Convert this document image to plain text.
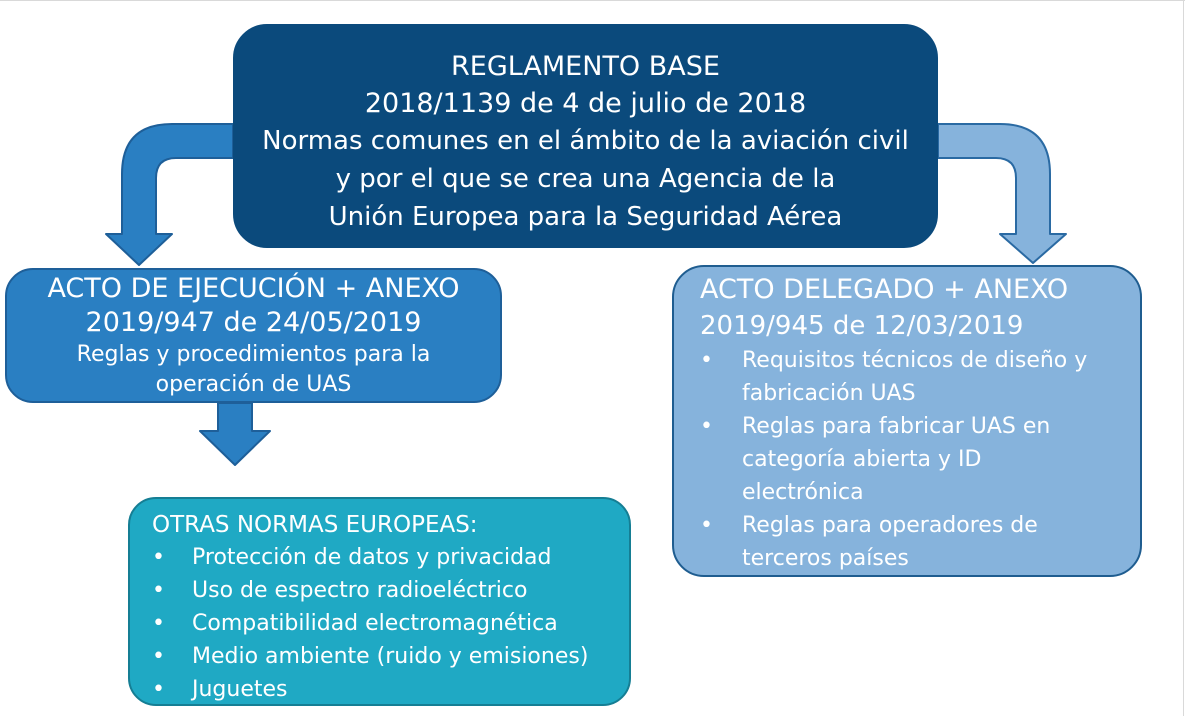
REGLAMENTO BASE
2018/1139 de 4 de julio de 2018
Normas comunes en el ámbito de la aviación civil
y por el que se crea una Agencia de la
Unión Europea para la Seguridad Aérea
ACTO DE EJECUCIÓN + ANEXO
2019/947 de 24/05/2019
Reglas y procedimientos para la
operación de UAS
ACTO DELEGADO + ANEXO
2019/945 de 12/03/2019
• Requisitos técnicos de diseño y
fabricación UAS
• Reglas para fabricar UAS en
categoría abierta y ID
electrónica
• Reglas para operadores de
terceros países
OTRAS NORMAS EUROPEAS:
• Protección de datos y privacidad
• Uso de espectro radioeléctrico
• Compatibilidad electromagnética
• Medio ambiente (ruido y emisiones)
• Juguetes
